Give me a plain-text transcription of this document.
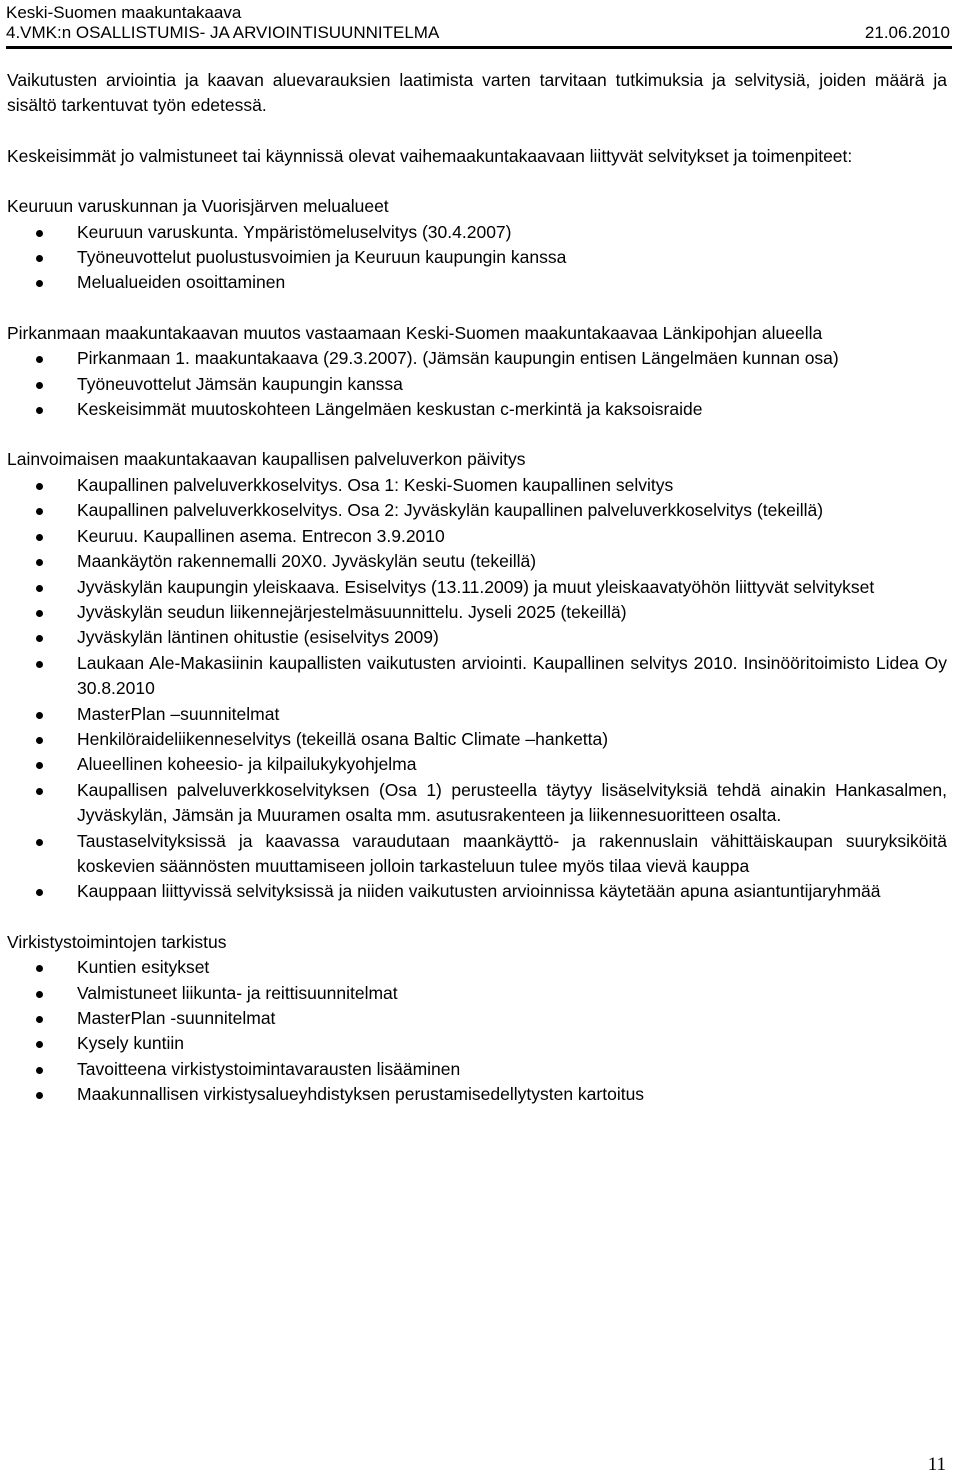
Keski-Suomen maakuntakaava
4.VMK:n OSALLISTUMIS- JA ARVIOINTISUUNNITELMA	21.06.2010

Vaikutusten arviointia ja kaavan aluevarauksien laatimista varten tarvitaan tutkimuksia ja selvitysiä, joiden määrä ja sisältö tarkentuvat työn edetessä.

Keskeisimmät jo valmistuneet tai käynnissä olevat vaihemaakuntakaavaan liittyvät selvitykset ja toimenpiteet:

Keuruun varuskunnan ja Vuorisjärven melualueet

Keuruun varuskunta. Ympäristömeluselvitys (30.4.2007)
Työneuvottelut puolustusvoimien ja Keuruun kaupungin kanssa
Melualueiden osoittaminen

Pirkanmaan maakuntakaavan muutos vastaamaan Keski-Suomen maakuntakaavaa Länkipohjan alueella

Pirkanmaan 1. maakuntakaava (29.3.2007). (Jämsän kaupungin entisen Längelmäen kunnan osa)
Työneuvottelut Jämsän kaupungin kanssa
Keskeisimmät muutoskohteen Längelmäen keskustan c-merkintä ja kaksoisraide

Lainvoimaisen maakuntakaavan kaupallisen palveluverkon päivitys

Kaupallinen palveluverkkoselvitys. Osa 1: Keski-Suomen kaupallinen selvitys
Kaupallinen palveluverkkoselvitys. Osa 2: Jyväskylän kaupallinen palveluverkkoselvitys (tekeillä)
Keuruu. Kaupallinen asema. Entrecon 3.9.2010
Maankäytön rakennemalli 20X0. Jyväskylän seutu (tekeillä)
Jyväskylän kaupungin yleiskaava. Esiselvitys (13.11.2009) ja muut yleiskaavatyöhön liittyvät selvitykset
Jyväskylän seudun liikennejärjestelmäsuunnittelu. Jyseli 2025 (tekeillä)
Jyväskylän läntinen ohitustie (esiselvitys 2009)
Laukaan Ale-Makasiinin kaupallisten vaikutusten arviointi. Kaupallinen selvitys 2010. Insinööritoimisto Lidea Oy 30.8.2010
MasterPlan –suunnitelmat
Henkilöraideliikenneselvitys (tekeillä osana Baltic Climate –hanketta)
Alueellinen koheesio- ja kilpailukykyohjelma
Kaupallisen palveluverkkoselvityksen (Osa 1) perusteella täytyy lisäselvityksiä tehdä ainakin Hankasalmen, Jyväskylän, Jämsän ja Muuramen osalta mm. asutusrakenteen ja liikennesuoritteen osalta.
Taustaselvityksissä ja kaavassa varaudutaan maankäyttö- ja rakennuslain vähittäiskaupan suuryksiköitä koskevien säännösten muuttamiseen jolloin tarkasteluun tulee myös tilaa vievä kauppa
Kauppaan liittyvissä selvityksissä ja niiden vaikutusten arvioinnissa käytetään apuna asiantuntijaryhmää

Virkistystoimintojen tarkistus

Kuntien esitykset
Valmistuneet liikunta- ja reittisuunnitelmat
MasterPlan -suunnitelmat
Kysely kuntiin
Tavoitteena virkistystoimintavarausten lisääminen
Maakunnallisen virkistysalueyhdistyksen perustamisedellytysten kartoitus
11
